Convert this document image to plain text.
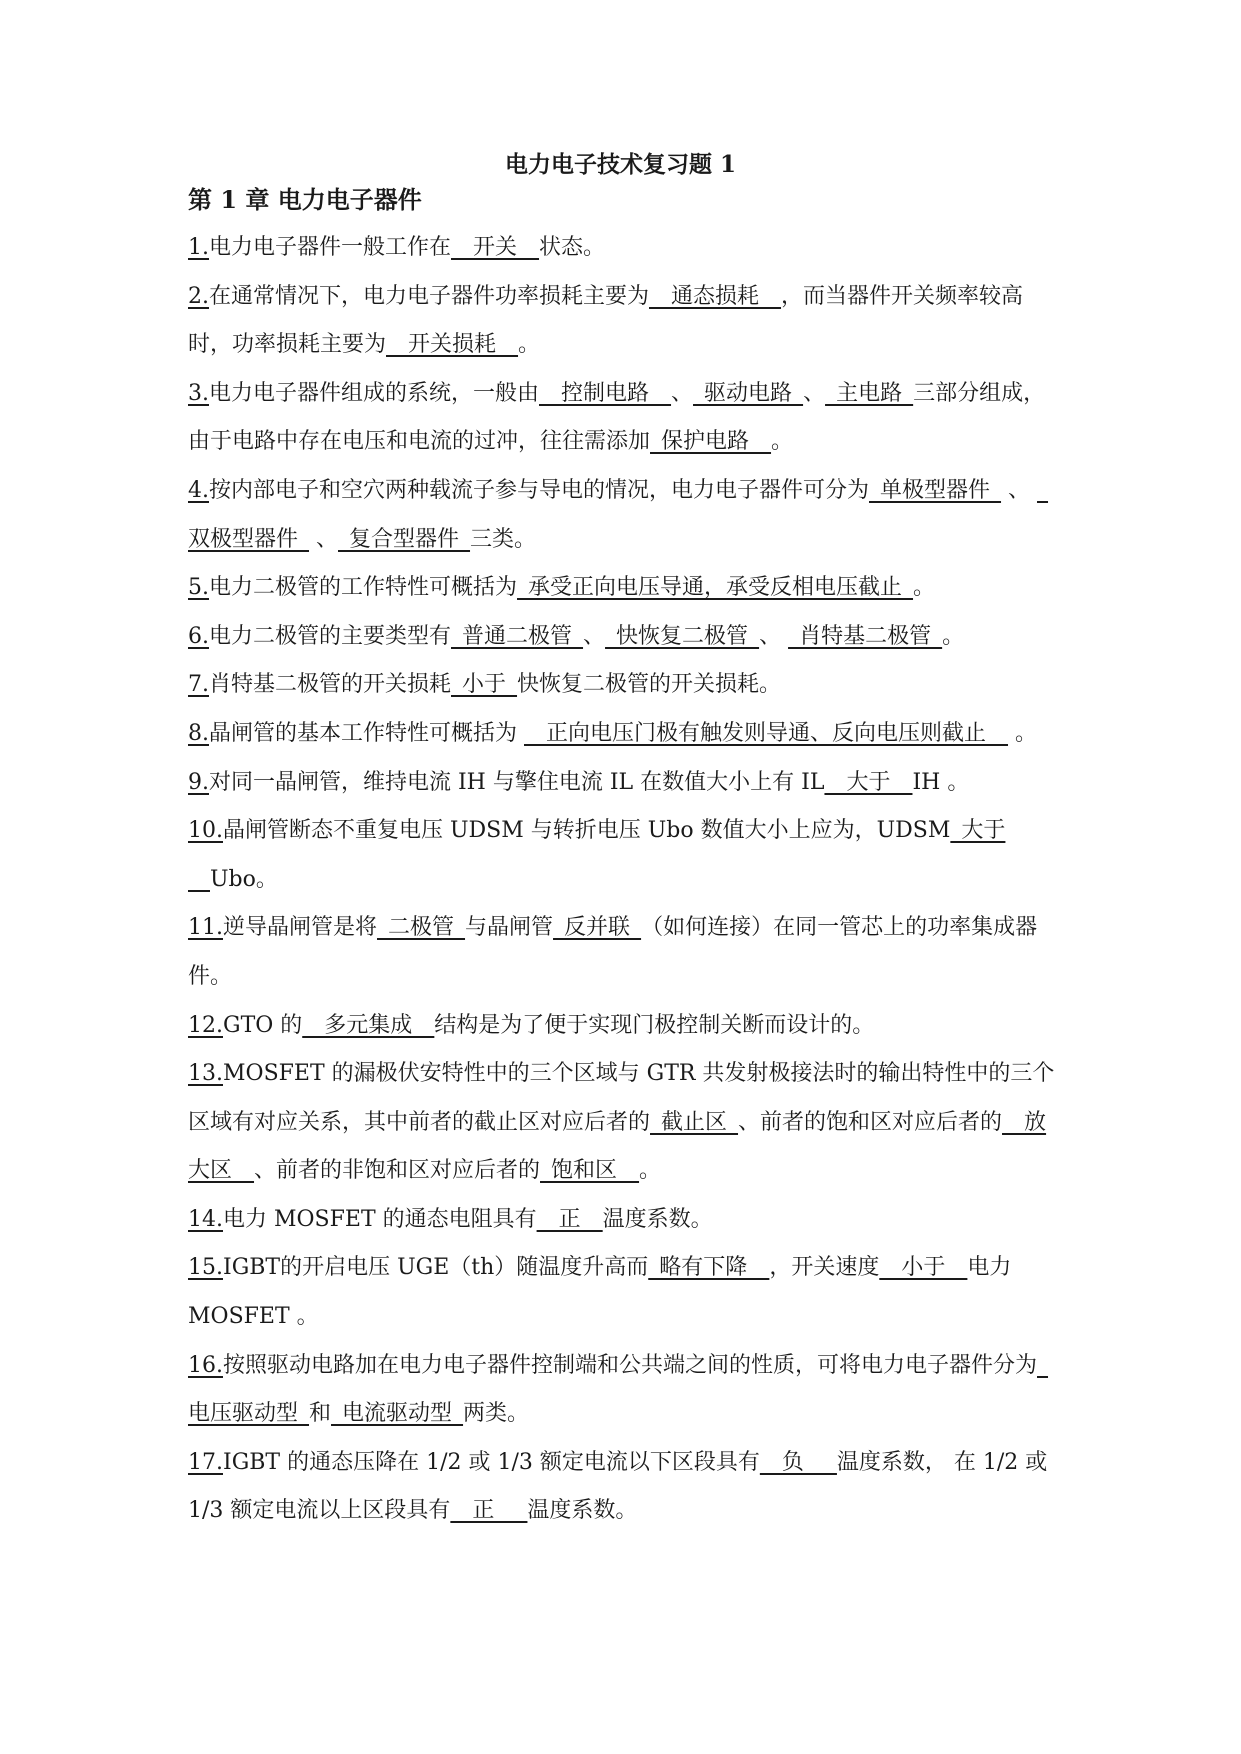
电力电子技术复习题 1
第 1 章 电力电子器件

1.电力电子器件一般工作在__开关__状态。

2.在通常情况下，电力电子器件功率损耗主要为__通态损耗__，而当器件开关频率较高时，功率损耗主要为__开关损耗__。

3.电力电子器件组成的系统，一般由__控制电路__、_驱动电路_、_主电路_三部分组成，由于电路中存在电压和电流的过冲，往往需添加_保护电路__。

4.按内部电子和空穴两种载流子参与导电的情况，电力电子器件可分为_单极型器件_ 、 _双极型器件_ 、_复合型器件_三类。

5.电力二极管的工作特性可概括为_承受正向电压导通，承受反相电压截止_。

6.电力二极管的主要类型有_普通二极管_、_快恢复二极管_、 _肖特基二极管_。

7.肖特基二极管的开关损耗_小于_快恢复二极管的开关损耗。

8.晶闸管的基本工作特性可概括为 __正向电压门极有触发则导通、反向电压则截止__ 。

9.对同一晶闸管，维持电流 IH 与擎住电流 IL 在数值大小上有 IL__大于__IH 。

10.晶闸管断态不重复电压 UDSM 与转折电压 Ubo 数值大小上应为，UDSM_大于__Ubo。

11.逆导晶闸管是将_二极管_与晶闸管_反并联_（如何连接）在同一管芯上的功率集成器件。

12.GTO 的__多元集成__结构是为了便于实现门极控制关断而设计的。

13.MOSFET 的漏极伏安特性中的三个区域与 GTR 共发射极接法时的输出特性中的三个区域有对应关系，其中前者的截止区对应后者的_截止区_、前者的饱和区对应后者的__放大区__、前者的非饱和区对应后者的_饱和区__。

14.电力 MOSFET 的通态电阻具有__正__温度系数。

15.IGBT的开启电压 UGE（th）随温度升高而_略有下降__，开关速度__小于__电力 MOSFET 。

16.按照驱动电路加在电力电子器件控制端和公共端之间的性质，可将电力电子器件分为_电压驱动型_和_电流驱动型_两类。

17.IGBT 的通态压降在 1/2 或 1/3 额定电流以下区段具有__负___温度系数， 在 1/2 或 1/3 额定电流以上区段具有__正___温度系数。
